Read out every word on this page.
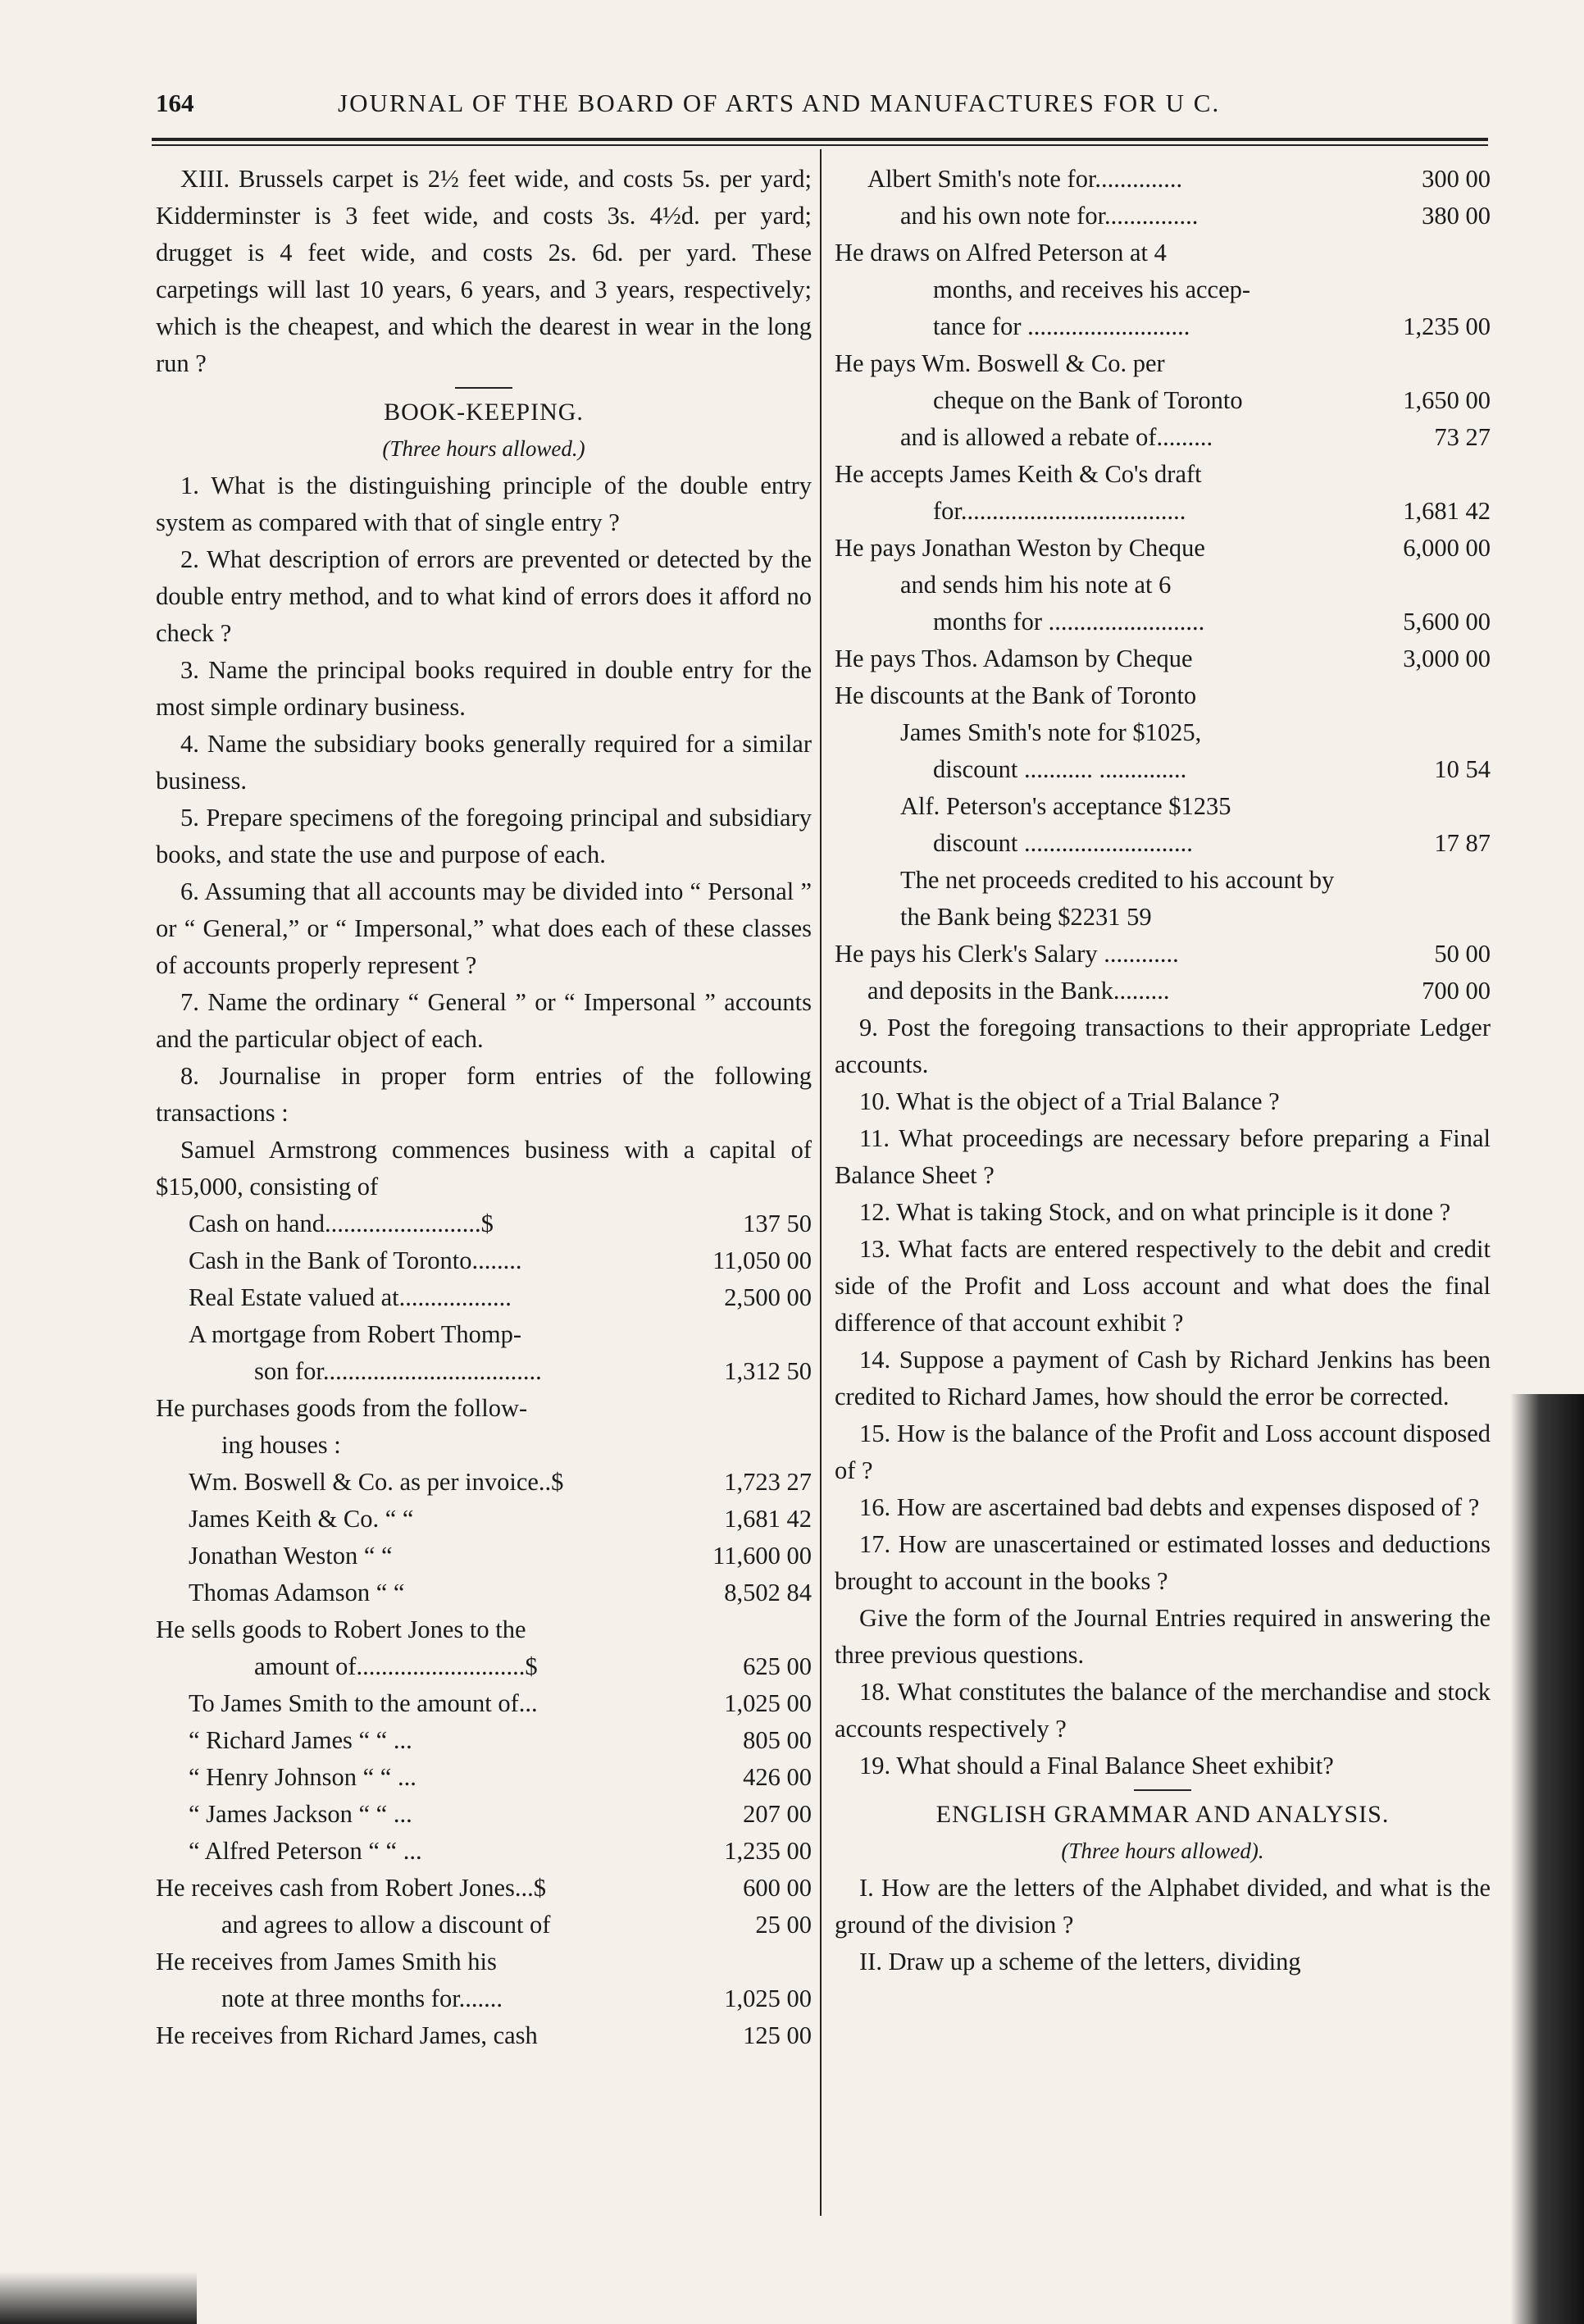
164	JOURNAL OF THE BOARD OF ARTS AND MANUFACTURES FOR U C.

XIII. Brussels carpet is 2½ feet wide, and costs 5s. per yard; Kidderminster is 3 feet wide, and costs 3s. 4½d. per yard; drugget is 4 feet wide, and costs 2s. 6d. per yard. These carpetings will last 10 years, 6 years, and 3 years, respectively; which is the cheapest, and which the dearest in wear in the long run ?

BOOK-KEEPING.

(Three hours allowed.)

1. What is the distinguishing principle of the double entry system as compared with that of single entry ?

2. What description of errors are prevented or detected by the double entry method, and to what kind of errors does it afford no check ?

3. Name the principal books required in double entry for the most simple ordinary business.

4. Name the subsidiary books generally required for a similar business.

5. Prepare specimens of the foregoing principal and subsidiary books, and state the use and purpose of each.

6. Assuming that all accounts may be divided into “ Personal ” or “ General,” or “ Impersonal,” what does each of these classes of accounts properly represent ?

7. Name the ordinary “ General ” or “ Impersonal ” accounts and the particular object of each.

8. Journalise in proper form entries of the following transactions :

Samuel Armstrong commences business with a capital of $15,000, consisting of

Cash on hand.........................$	137 50
Cash in the Bank of Toronto........	11,050 00
Real Estate valued at..................	2,500 00
A mortgage from Robert Thomp-
son for...................................	1,312 50
He purchases goods from the follow-
ing houses :
Wm. Boswell & Co. as per invoice..$	1,723 27
James Keith & Co. “ “	1,681 42
Jonathan Weston “ “	11,600 00
Thomas Adamson “ “	8,502 84
He sells goods to Robert Jones to the
amount of...........................$	625 00
To James Smith to the amount of...	1,025 00
“ Richard James “ “ ...	805 00
“ Henry Johnson “ “ ...	426 00
“ James Jackson “ “ ...	207 00
“ Alfred Peterson “ “ ...	1,235 00
He receives cash from Robert Jones...$	600 00
and agrees to allow a discount of	25 00
He receives from James Smith his
note at three months for.......	1,025 00
He receives from Richard James, cash	125 00
Albert Smith's note for..............	300 00
and his own note for...............	380 00
He draws on Alfred Peterson at 4
months, and receives his accep-
tance for ..........................	1,235 00
He pays Wm. Boswell & Co. per
cheque on the Bank of Toronto	1,650 00
and is allowed a rebate of.........	73 27
He accepts James Keith & Co's draft
for....................................	1,681 42
He pays Jonathan Weston by Cheque	6,000 00
and sends him his note at 6
months for .........................	5,600 00
He pays Thos. Adamson by Cheque	3,000 00
He discounts at the Bank of Toronto
James Smith's note for $1025,
discount ........... ..............	10 54
Alf. Peterson's acceptance $1235
discount ...........................	17 87
The net proceeds credited to his account by the Bank being $2231 59
He pays his Clerk's Salary ............	50 00
and deposits in the Bank.........	700 00

9. Post the foregoing transactions to their appropriate Ledger accounts.

10. What is the object of a Trial Balance ?

11. What proceedings are necessary before preparing a Final Balance Sheet ?

12. What is taking Stock, and on what principle is it done ?

13. What facts are entered respectively to the debit and credit side of the Profit and Loss account and what does the final difference of that account exhibit ?

14. Suppose a payment of Cash by Richard Jenkins has been credited to Richard James, how should the error be corrected.

15. How is the balance of the Profit and Loss account disposed of ?

16. How are ascertained bad debts and expenses disposed of ?

17. How are unascertained or estimated losses and deductions brought to account in the books ?

Give the form of the Journal Entries required in answering the three previous questions.

18. What constitutes the balance of the merchandise and stock accounts respectively ?

19. What should a Final Balance Sheet exhibit?

ENGLISH GRAMMAR AND ANALYSIS.

(Three hours allowed).

I. How are the letters of the Alphabet divided, and what is the ground of the division ?

II. Draw up a scheme of the letters, dividing
